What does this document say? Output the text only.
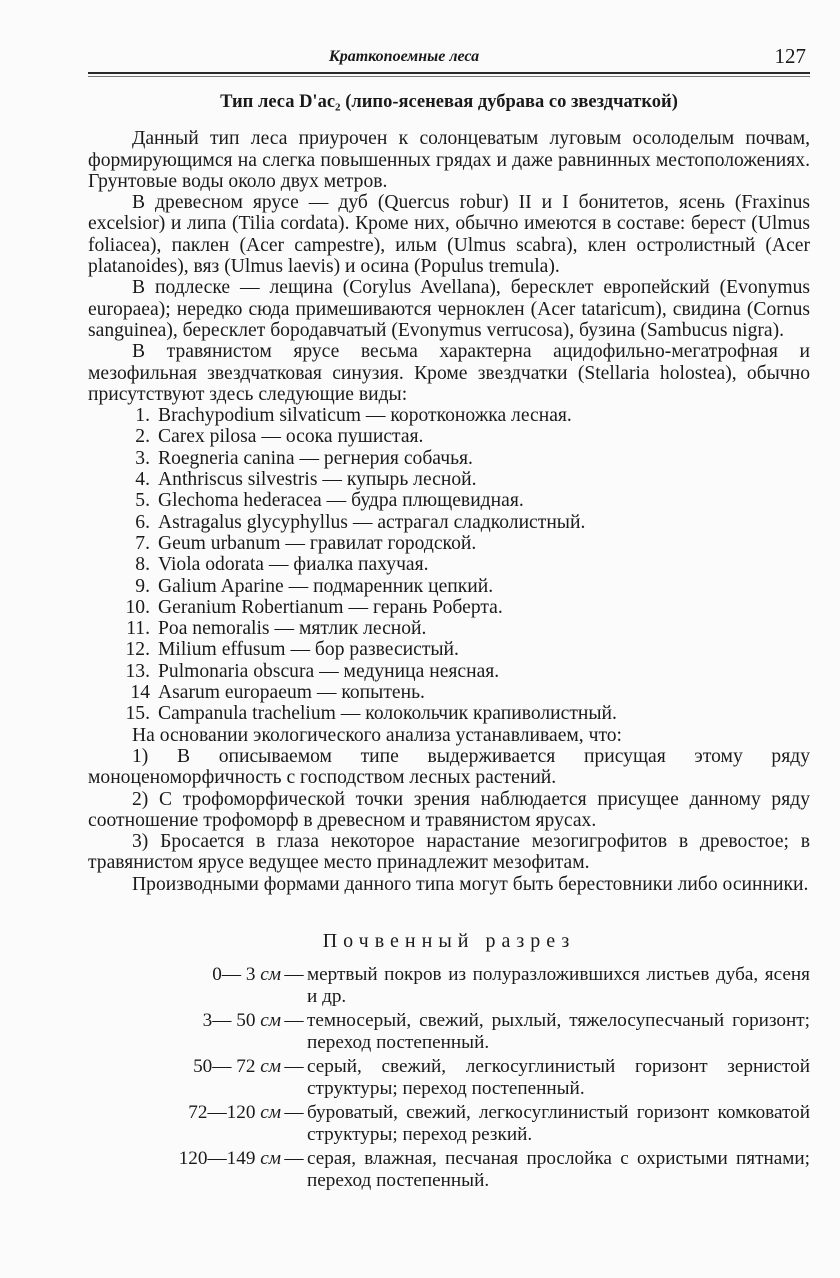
Краткопоемные леса	127
Тип леса D'ac₂ (липо-ясеневая дубрава со звездчаткой)

Данный тип леса приурочен к солонцеватым луговым осолоделым почвам, формирующимся на слегка повышенных грядах и даже равнинных местоположениях. Грунтовые воды около двух метров.

В древесном ярусе — дуб (Quercus robur) II и I бонитетов, ясень (Fraxinus excelsior) и липа (Tilia cordata). Кроме них, обычно имеются в составе: берест (Ulmus foliacea), паклен (Acer campestre), ильм (Ulmus scabra), клен остролистный (Acer platanoides), вяз (Ulmus laevis) и осина (Populus tremula).

В подлеске — лещина (Corylus Avellana), бересклет европейский (Evonymus europaea); нередко сюда примешиваются черноклен (Acer tataricum), свидина (Cornus sanguinea), бересклет бородавчатый (Evonymus verrucosa), бузина (Sambucus nigra).

В травянистом ярусе весьма характерна ацидофильно-мегатрофная и мезофильная звездчатковая синузия. Кроме звездчатки (Stellaria holostea), обычно присутствуют здесь следующие виды:

1. Brachypodium silvaticum — коротконожка лесная.
2. Carex pilosa — осока пушистая.
3. Roegneria canina — регнерия собачья.
4. Anthriscus silvestris — купырь лесной.
5. Glechoma hederacea — будра плющевидная.
6. Astragalus glycyphyllus — астрагал сладколистный.
7. Geum urbanum — гравилат городской.
8. Viola odorata — фиалка пахучая.
9. Galium Aparine — подмаренник цепкий.
10. Geranium Robertianum — герань Роберта.
11. Poa nemoralis — мятлик лесной.
12. Milium effusum — бор развесистый.
13. Pulmonaria obscura — медуница неясная.
14 Asarum europaeum — копытень.
15. Campanula trachelium — колокольчик крапиволистный.

На основании экологического анализа устанавливаем, что:

1) В описываемом типе выдерживается присущая этому ряду моноценоморфичность с господством лесных растений.

2) С трофоморфической точки зрения наблюдается присущее данному ряду соотношение трофоморф в древесном и травянистом ярусах.

3) Бросается в глаза некоторое нарастание мезогигрофитов в древостое; в травянистом ярусе ведущее место принадлежит мезофитам.

Производными формами данного типа могут быть берестовники либо осинники.

Почвенный разрез
0— 3 см — мертвый покров из полуразложившихся листьев дуба, ясеня и др.
3— 50 см — темносерый, свежий, рыхлый, тяжелосупесчаный горизонт; переход постепенный.
50— 72 см — серый, свежий, легкосуглинистый горизонт зернистой структуры; переход постепенный.
72—120 см — буроватый, свежий, легкосуглинистый горизонт комковатой структуры; переход резкий.
120—149 см — серая, влажная, песчаная прослойка с охристыми пятнами; переход постепенный.
